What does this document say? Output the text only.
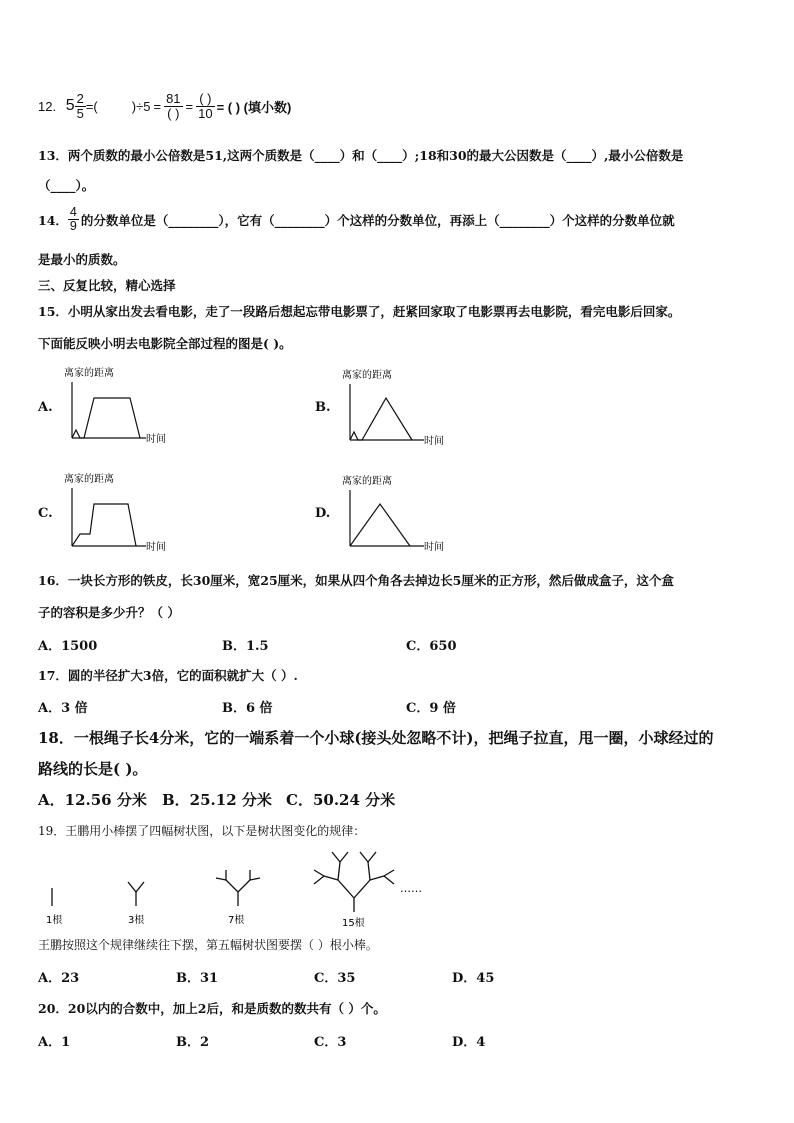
12. $5 \frac{2}{5}$ =(	)$\div 5 = \frac{81}{( )} = \frac{( )}{10}$ = ( ) (填小数)
13．两个质数的最小公倍数是51,这两个质数是（____）和（____）;18和30的最大公因数是（____）,最小公倍数是
（____）。
14． $\frac{4}{9}$ 的分数单位是（________），它有（________）个这样的分数单位，再添上（________）个这样的分数单位就
是最小的质数。
三、反复比较，精心选择
15．小明从家出发去看电影，走了一段路后想起忘带电影票了，赶紧回家取了电影票再去电影院，看完电影后回家。
下面能反映小明去电影院全部过程的图是( )。
A.
离家的距离
时间
B.
离家的距离
时间
C.
离家的距离
时间
D.
离家的距离
时间
16．一块长方形的铁皮，长30厘米，宽25厘米，如果从四个角各去掉边长5厘米的正方形，然后做成盒子，这个盒
子的容积是多少升？（ ）
A．1500	B．1.5	C．650
17．圆的半径扩大3倍，它的面积就扩大（ ）.
A．3 倍	B．6 倍	C．9 倍
18．一根绳子长4分米，它的一端系着一个小球(接头处忽略不计)，把绳子拉直，甩一圈，小球经过的
路线的长是( )。
A．12.56 分米 B．25.12 分米 C．50.24 分米
19．王鹏用小棒摆了四幅树状图，以下是树状图变化的规律：
1根	3根	7根	15根
……
王鹏按照这个规律继续往下摆，第五幅树状图要摆（ ）根小棒。
A．23	B．31	C．35	D．45
20．20以内的合数中，加上2后，和是质数的数共有（ ）个。
A．1	B．2	C．3	D．4
